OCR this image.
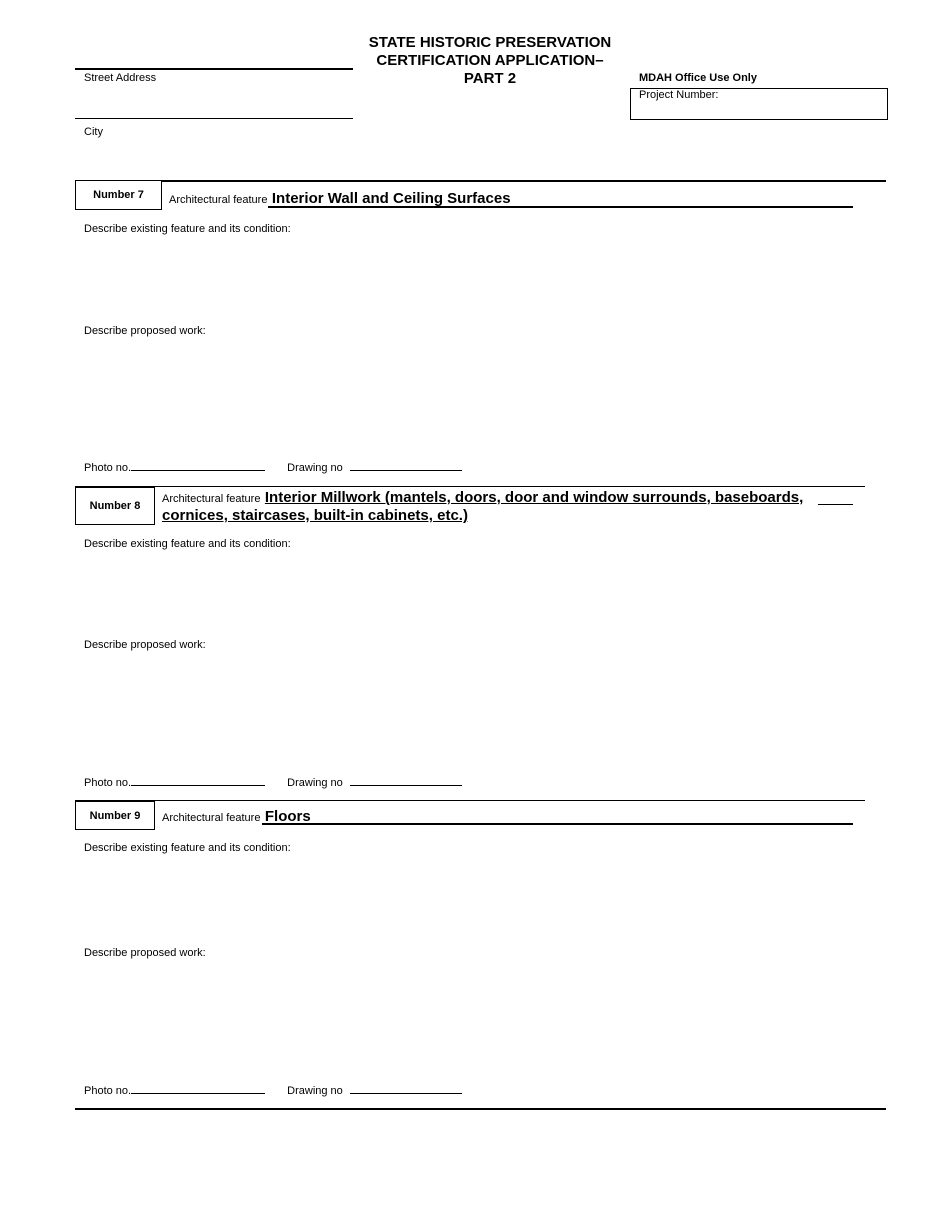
STATE HISTORIC PRESERVATION
CERTIFICATION APPLICATION–
PART 2
Street Address
City
MDAH Office Use Only
Project Number:
Number 7 Architectural feature Interior Wall and Ceiling Surfaces
Describe existing feature and its condition:
Describe proposed work:
Photo no.	Drawing no
Number 8
Architectural feature Interior Millwork (mantels, doors, door and window surrounds, baseboards,
cornices, staircases, built-in cabinets, etc.)
Describe existing feature and its condition:
Describe proposed work:
Photo no.	Drawing no
Number 9 Architectural feature Floors
Describe existing feature and its condition:
Describe proposed work:
Photo no.	Drawing no
